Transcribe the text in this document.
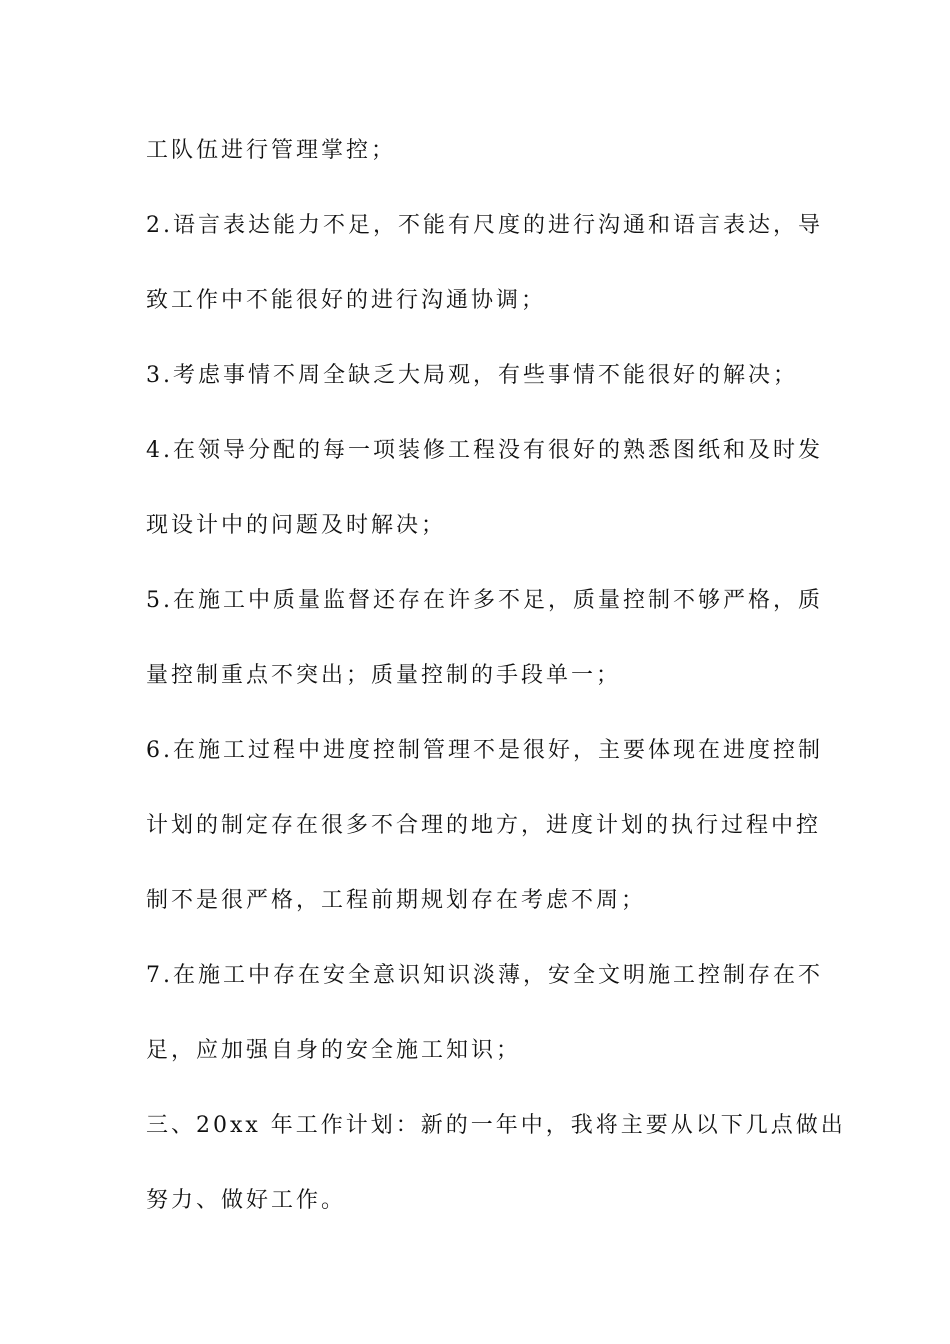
工队伍进行管理掌控；
2.语言表达能力不足，不能有尺度的进行沟通和语言表达，导
致工作中不能很好的进行沟通协调；
3.考虑事情不周全缺乏大局观，有些事情不能很好的解决；
4.在领导分配的每一项装修工程没有很好的熟悉图纸和及时发
现设计中的问题及时解决；
5.在施工中质量监督还存在许多不足，质量控制不够严格，质
量控制重点不突出；质量控制的手段单一；
6.在施工过程中进度控制管理不是很好，主要体现在进度控制
计划的制定存在很多不合理的地方，进度计划的执行过程中控
制不是很严格，工程前期规划存在考虑不周；
7.在施工中存在安全意识知识淡薄，安全文明施工控制存在不
足，应加强自身的安全施工知识；
三、20xx 年工作计划：新的一年中，我将主要从以下几点做出
努力、做好工作。
